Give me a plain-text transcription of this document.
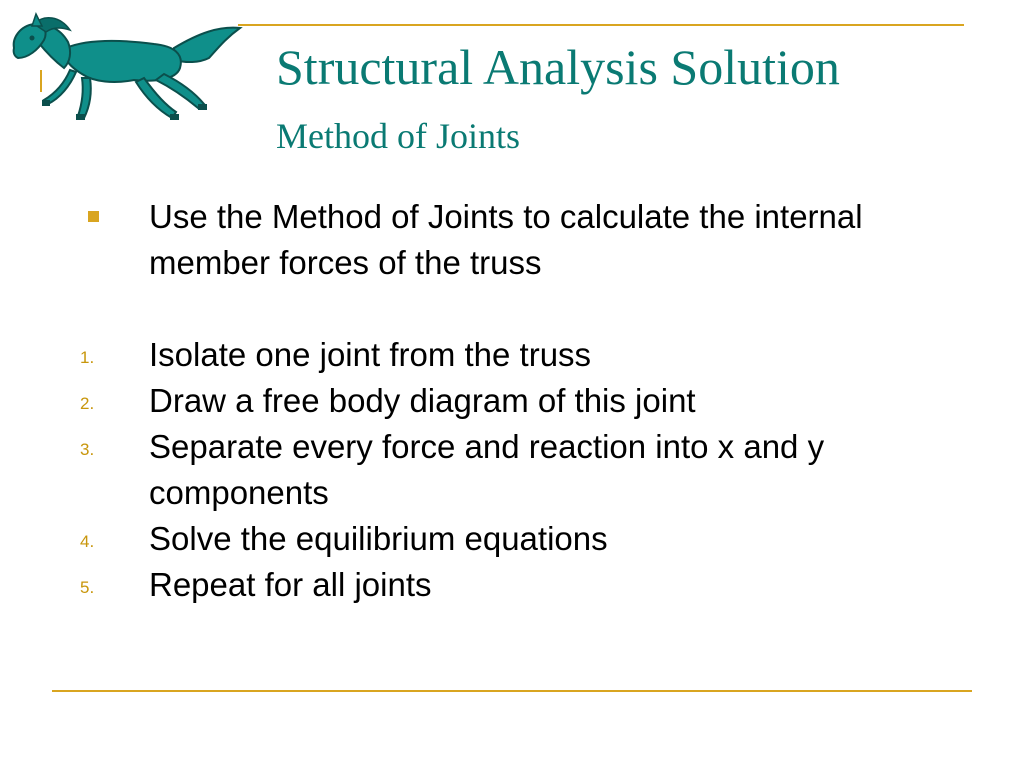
Structural Analysis Solution
Method of Joints
Use the Method of Joints to calculate the internal member forces of the truss
1. Isolate one joint from the truss
2. Draw a free body diagram of this joint
3. Separate every force and reaction into x and y components
4. Solve the equilibrium equations
5. Repeat for all joints
